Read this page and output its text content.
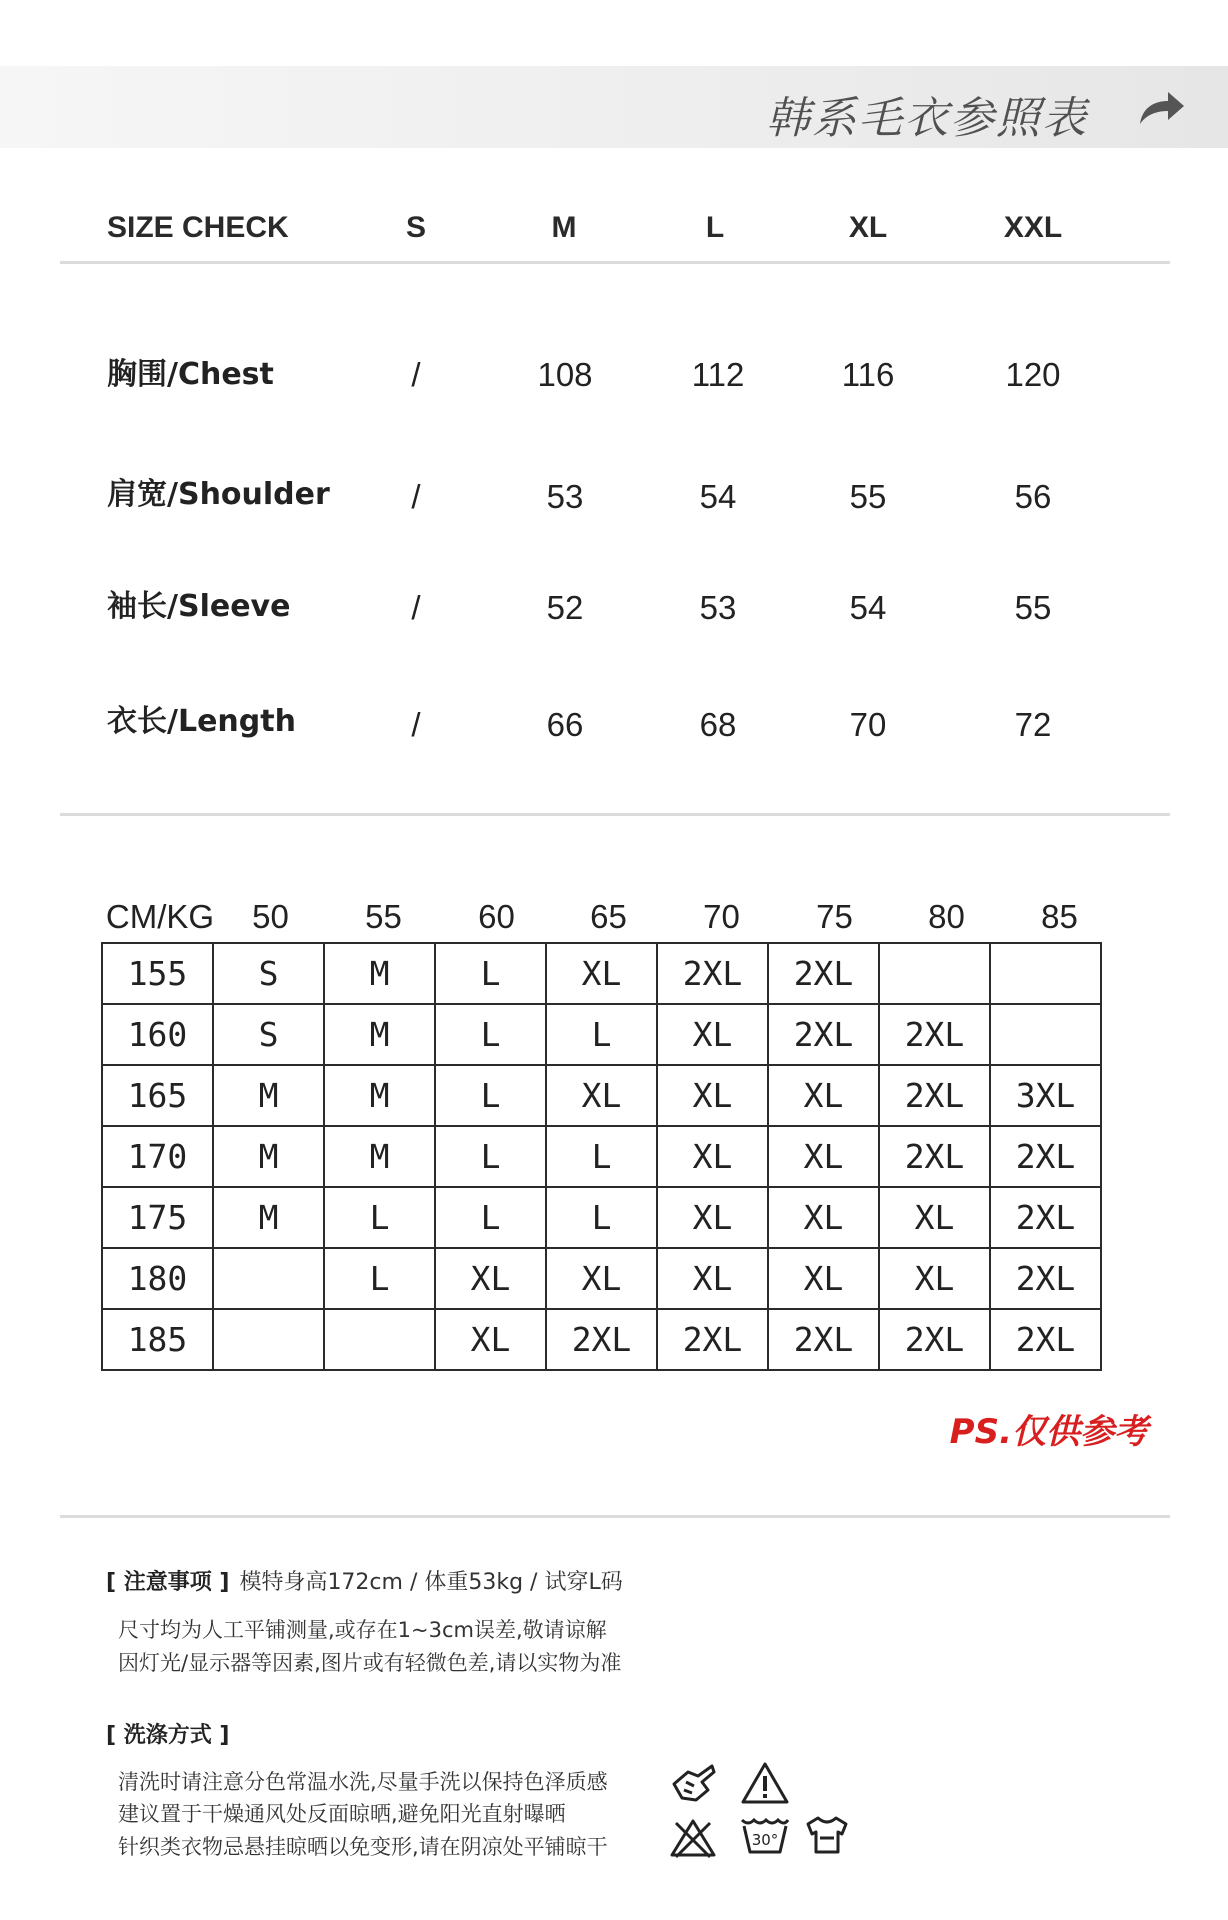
韩系毛衣参照表
SIZE CHECK	S	M	L	XL	XXL
胸围/Chest	/	108	112	116	120
肩宽/Shoulder	/	53	54	55	56
袖长/Sleeve	/	52	53	54	55
衣长/Length	/	66	68	70	72
CM/KG	50	55	60	65	70	75	80	85
155	S	M	L	XL	2XL	2XL		
160	S	M	L	L	XL	2XL	2XL	
165	M	M	L	XL	XL	XL	2XL	3XL
170	M	M	L	L	XL	XL	2XL	2XL
175	M	L	L	L	XL	XL	XL	2XL
180		L	XL	XL	XL	XL	XL	2XL
185			XL	2XL	2XL	2XL	2XL	2XL
PS.仅供参考
[ 注意事项 ] 模特身高172cm / 体重53kg / 试穿L码
尺寸均为人工平铺测量,或存在1~3cm误差,敬请谅解
因灯光/显示器等因素,图片或有轻微色差,请以实物为准
[ 洗涤方式 ]
清洗时请注意分色常温水洗,尽量手洗以保持色泽质感
建议置于干燥通风处反面晾晒,避免阳光直射曝晒
针织类衣物忌悬挂晾晒以免变形,请在阴凉处平铺晾干	30°
